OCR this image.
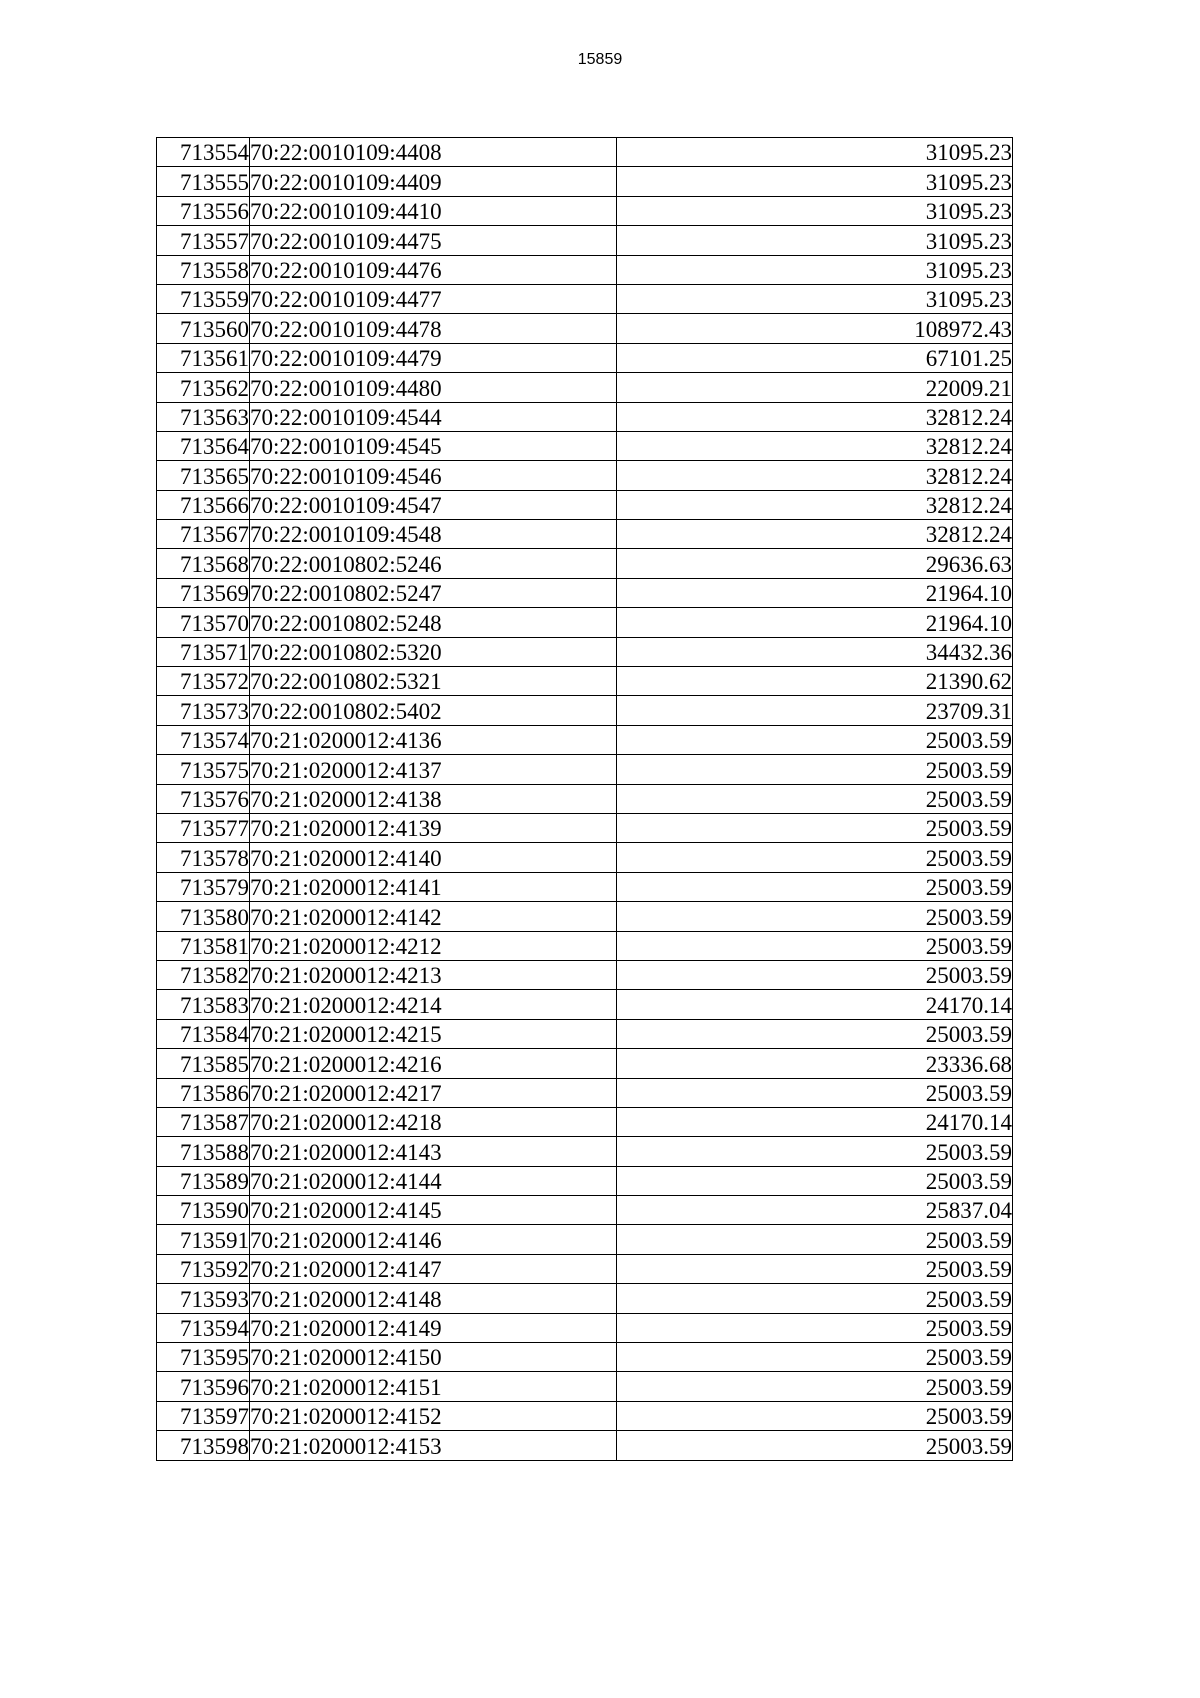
15859
713554	70:22:0010109:4408	31095.23
713555	70:22:0010109:4409	31095.23
713556	70:22:0010109:4410	31095.23
713557	70:22:0010109:4475	31095.23
713558	70:22:0010109:4476	31095.23
713559	70:22:0010109:4477	31095.23
713560	70:22:0010109:4478	108972.43
713561	70:22:0010109:4479	67101.25
713562	70:22:0010109:4480	22009.21
713563	70:22:0010109:4544	32812.24
713564	70:22:0010109:4545	32812.24
713565	70:22:0010109:4546	32812.24
713566	70:22:0010109:4547	32812.24
713567	70:22:0010109:4548	32812.24
713568	70:22:0010802:5246	29636.63
713569	70:22:0010802:5247	21964.10
713570	70:22:0010802:5248	21964.10
713571	70:22:0010802:5320	34432.36
713572	70:22:0010802:5321	21390.62
713573	70:22:0010802:5402	23709.31
713574	70:21:0200012:4136	25003.59
713575	70:21:0200012:4137	25003.59
713576	70:21:0200012:4138	25003.59
713577	70:21:0200012:4139	25003.59
713578	70:21:0200012:4140	25003.59
713579	70:21:0200012:4141	25003.59
713580	70:21:0200012:4142	25003.59
713581	70:21:0200012:4212	25003.59
713582	70:21:0200012:4213	25003.59
713583	70:21:0200012:4214	24170.14
713584	70:21:0200012:4215	25003.59
713585	70:21:0200012:4216	23336.68
713586	70:21:0200012:4217	25003.59
713587	70:21:0200012:4218	24170.14
713588	70:21:0200012:4143	25003.59
713589	70:21:0200012:4144	25003.59
713590	70:21:0200012:4145	25837.04
713591	70:21:0200012:4146	25003.59
713592	70:21:0200012:4147	25003.59
713593	70:21:0200012:4148	25003.59
713594	70:21:0200012:4149	25003.59
713595	70:21:0200012:4150	25003.59
713596	70:21:0200012:4151	25003.59
713597	70:21:0200012:4152	25003.59
713598	70:21:0200012:4153	25003.59
